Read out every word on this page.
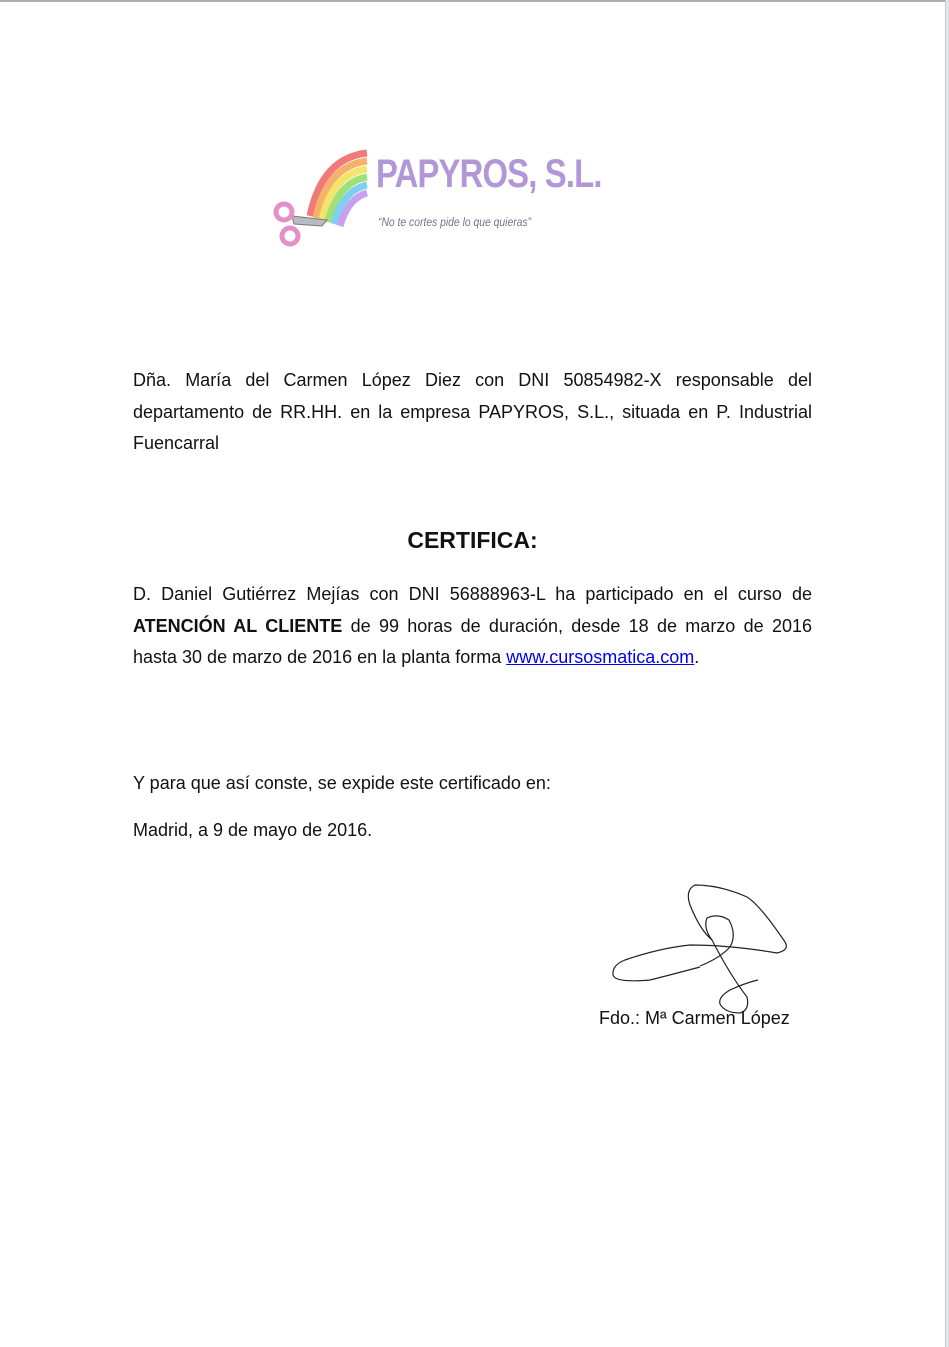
PAPYROS, S.L.
“No te cortes pide lo que quieras”
Dña. María del Carmen López Diez con DNI 50854982-X responsable del departamento de RR.HH. en la empresa PAPYROS, S.L., situada en P. Industrial Fuencarral
CERTIFICA:
D. Daniel Gutiérrez Mejías con DNI 56888963-L ha participado en el curso de ATENCIÓN AL CLIENTE de 99 horas de duración, desde 18 de marzo de 2016 hasta 30 de marzo de 2016 en la planta forma www.cursosmatica.com.
Y para que así conste, se expide este certificado en:
Madrid, a 9 de mayo de 2016.
Fdo.: Mª Carmen López
